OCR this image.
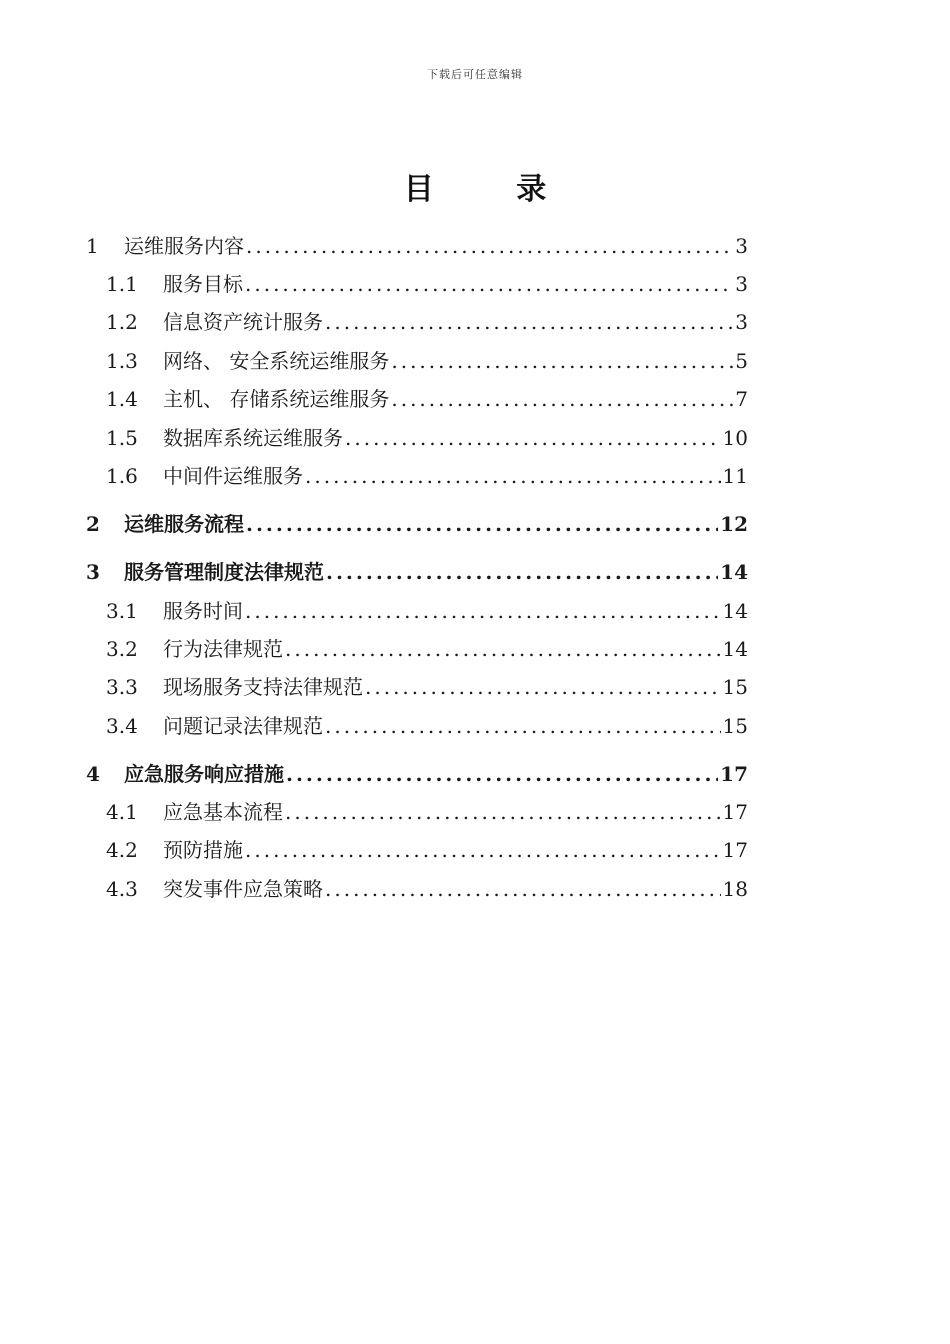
下载后可任意编辑
目 录
1	运维服务内容 .....	3
1.1	服务目标 .....	3
1.2	信息资产统计服务 .....	3
1.3	网络、 安全系统运维服务 .....	5
1.4	主机、 存储系统运维服务 .....	7
1.5	数据库系统运维服务 .....	10
1.6	中间件运维服务 .....	11
2	运维服务流程 .....	12
3	服务管理制度法律规范 .....	14
3.1	服务时间 .....	14
3.2	行为法律规范 .....	14
3.3	现场服务支持法律规范 .....	15
3.4	问题记录法律规范 .....	15
4	应急服务响应措施 .....	17
4.1	应急基本流程 .....	17
4.2	预防措施 .....	17
4.3	突发事件应急策略 .....	18
